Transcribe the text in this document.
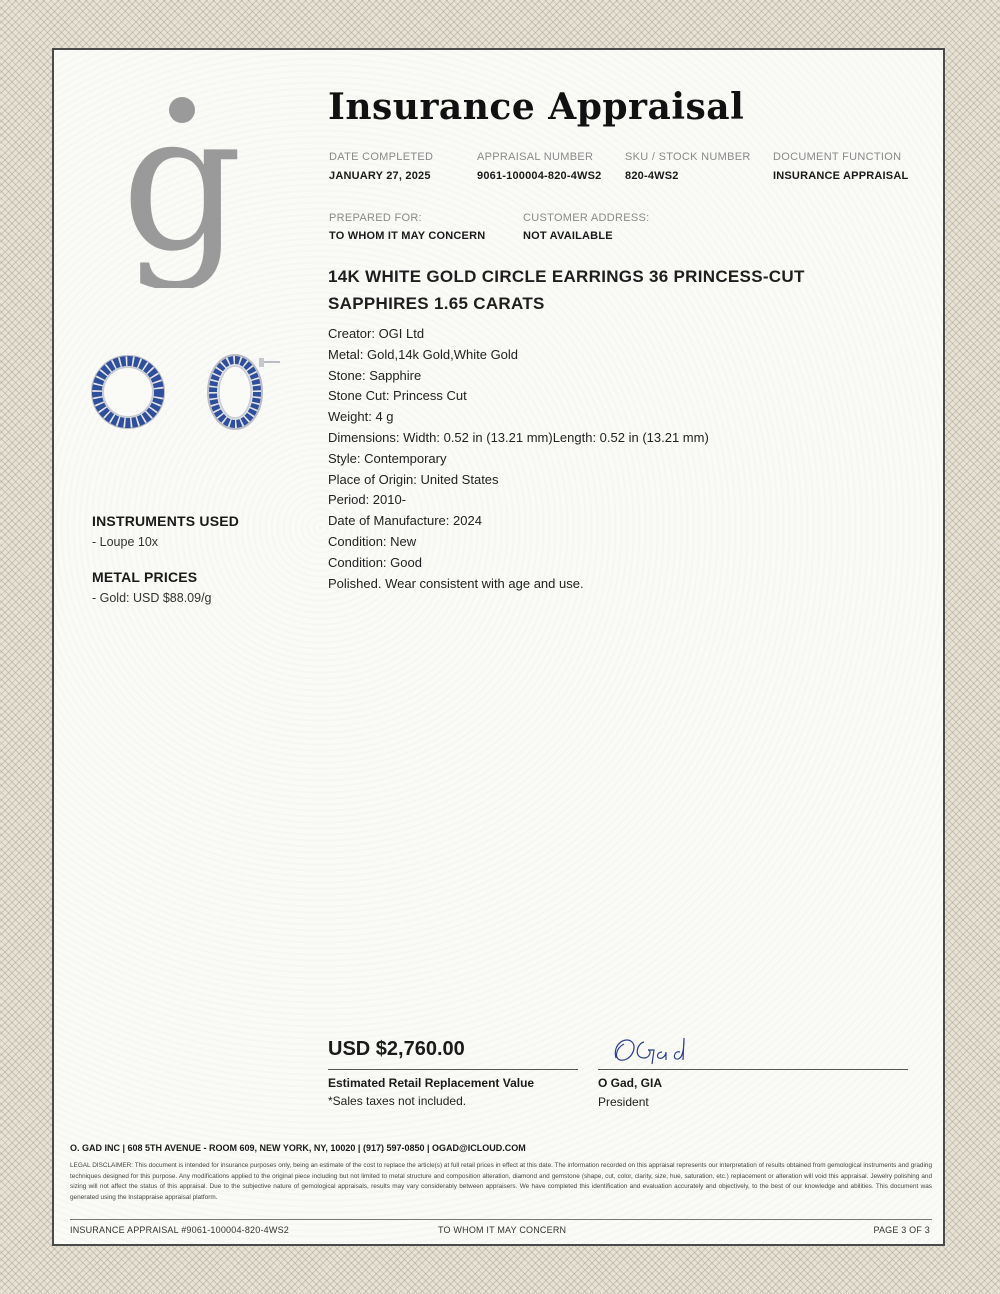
g
INSTRUMENTS USED

- Loupe 10x

METAL PRICES

- Gold: USD $88.09/g

Insurance Appraisal
DATE COMPLETED
JANUARY 27, 2025
APPRAISAL NUMBER
9061-100004-820-4WS2
SKU / STOCK NUMBER
820-4WS2
DOCUMENT FUNCTION
INSURANCE APPRAISAL
PREPARED FOR:
TO WHOM IT MAY CONCERN
CUSTOMER ADDRESS:
NOT AVAILABLE
14K WHITE GOLD CIRCLE EARRINGS 36 PRINCESS-CUT SAPPHIRES 1.65 CARATS
Creator: OGI Ltd
Metal: Gold,14k Gold,White Gold
Stone: Sapphire
Stone Cut: Princess Cut
Weight: 4 g
Dimensions: Width: 0.52 in (13.21 mm)Length: 0.52 in (13.21 mm)
Style: Contemporary
Place of Origin: United States
Period: 2010-
Date of Manufacture: 2024
Condition: New
Condition: Good
Polished. Wear consistent with age and use.
USD $2,760.00
Estimated Retail Replacement Value
*Sales taxes not included.
OGad
O Gad, GIA
President
O. GAD INC | 608 5TH AVENUE - ROOM 609, NEW YORK, NY, 10020 | (917) 597-0850 | OGAD@ICLOUD.COM

LEGAL DISCLAIMER: This document is intended for insurance purposes only, being an estimate of the cost to replace the article(s) at full retail prices in effect at this date. The information recorded on this appraisal represents our interpretation of results obtained from gemological instruments and grading techniques designed for this purpose. Any modifications applied to the original piece including but not limited to metal structure and composition alteration, diamond and gemstone (shape, cut, color, clarity, size, hue, saturation, etc.) replacement or alteration will void this appraisal. Jewelry polishing and sizing will not affect the status of this appraisal. Due to the subjective nature of gemological appraisals, results may vary considerably between appraisers. We have completed this identification and evaluation accurately and objectively, to the best of our knowledge and abilities. This document was generated using the Instappraise appraisal platform.

INSURANCE APPRAISAL #9061-100004-820-4WS2	TO WHOM IT MAY CONCERN	PAGE 3 OF 3
